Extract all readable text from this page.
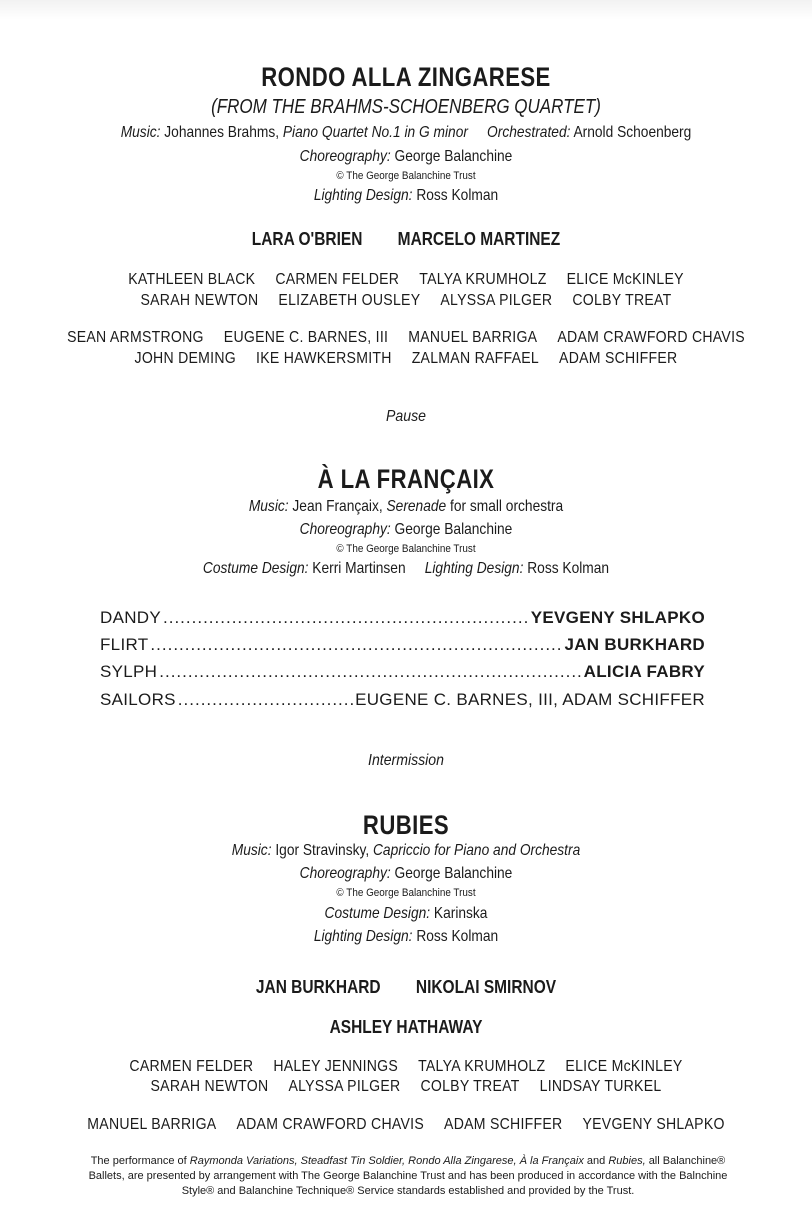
RONDO ALLA ZINGARESE
(FROM THE BRAHMS-SCHOENBERG QUARTET)
Music: Johannes Brahms, Piano Quartet No.1 in G minor Orchestrated: Arnold Schoenberg
Choreography: George Balanchine
© The George Balanchine Trust
Lighting Design: Ross Kolman
LARA O'BRIEN MARCELO MARTINEZ
KATHLEEN BLACK CARMEN FELDER TALYA KRUMHOLZ ELICE McKINLEY
SARAH NEWTON ELIZABETH OUSLEY ALYSSA PILGER COLBY TREAT
SEAN ARMSTRONG EUGENE C. BARNES, III MANUEL BARRIGA ADAM CRAWFORD CHAVIS
JOHN DEMING IKE HAWKERSMITH ZALMAN RAFFAEL ADAM SCHIFFER
Pause
À LA FRANÇAIX
Music: Jean Françaix, Serenade for small orchestra
Choreography: George Balanchine
© The George Balanchine Trust
Costume Design: Kerri Martinsen Lighting Design: Ross Kolman
DANDY .....	YEVGENY SHLAPKO
FLIRT .....	JAN BURKHARD
SYLPH .....	ALICIA FABRY
SAILORS .....	EUGENE C. BARNES, III, ADAM SCHIFFER
Intermission
RUBIES
Music: Igor Stravinsky, Capriccio for Piano and Orchestra
Choreography: George Balanchine
© The George Balanchine Trust
Costume Design: Karinska
Lighting Design: Ross Kolman
JAN BURKHARD NIKOLAI SMIRNOV
ASHLEY HATHAWAY
CARMEN FELDER HALEY JENNINGS TALYA KRUMHOLZ ELICE McKINLEY
SARAH NEWTON ALYSSA PILGER COLBY TREAT LINDSAY TURKEL
MANUEL BARRIGA ADAM CRAWFORD CHAVIS ADAM SCHIFFER YEVGENY SHLAPKO
The performance of Raymonda Variations, Steadfast Tin Soldier, Rondo Alla Zingarese, À la Françaix and Rubies, all Balanchine® Ballets, are presented by arrangement with The George Balanchine Trust and has been produced in accordance with the Balnchine Style® and Balanchine Technique® Service standards established and provided by the Trust.
